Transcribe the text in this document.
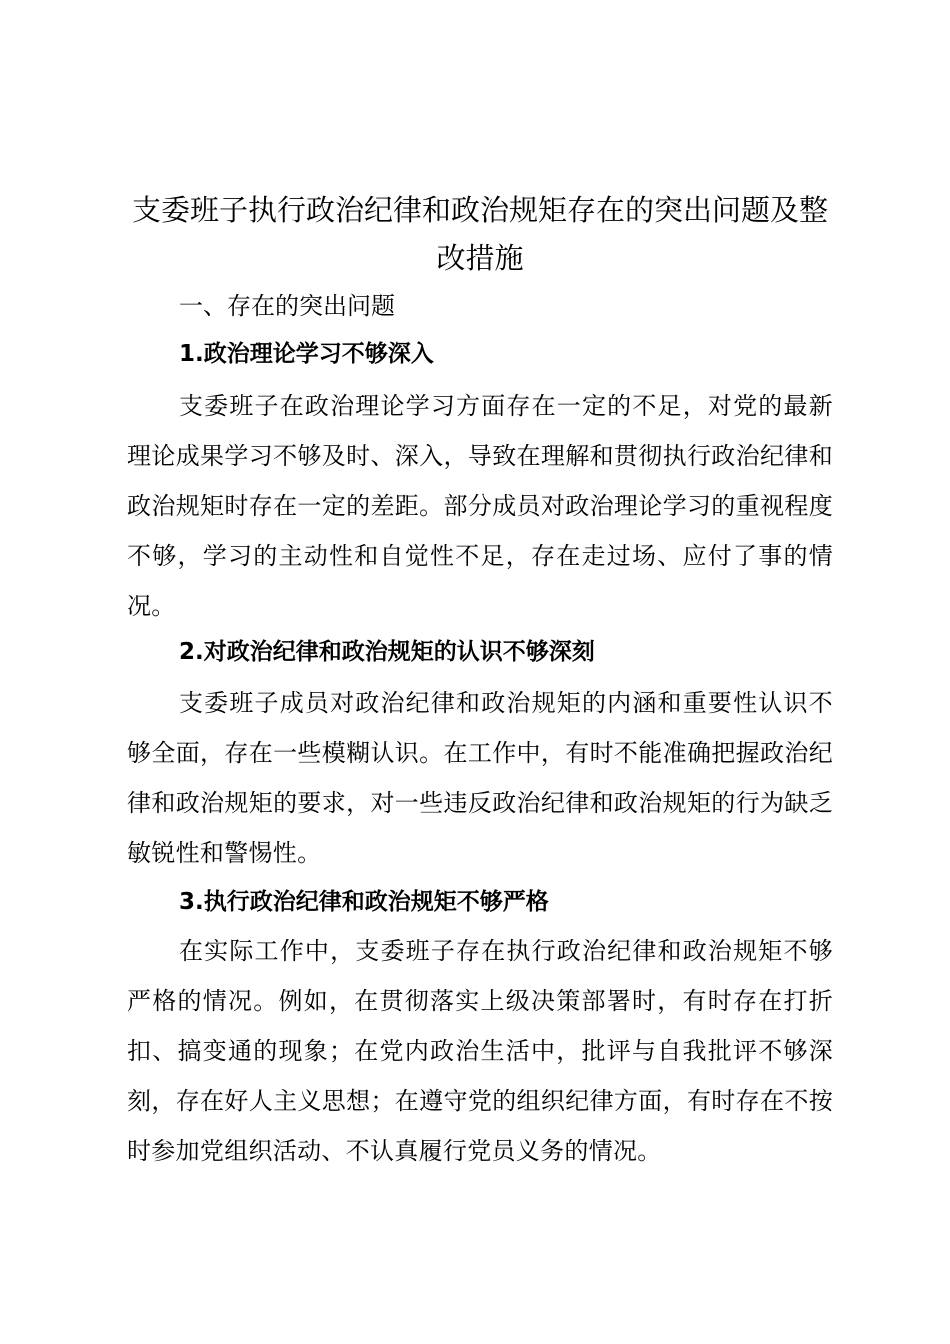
支委班子执行政治纪律和政治规矩存在的突出问题及整改措施

一、存在的突出问题

1.政治理论学习不够深入

支委班子在政治理论学习方面存在一定的不足，对党的最新理论成果学习不够及时、深入，导致在理解和贯彻执行政治纪律和政治规矩时存在一定的差距。部分成员对政治理论学习的重视程度不够，学习的主动性和自觉性不足，存在走过场、应付了事的情况。

2.对政治纪律和政治规矩的认识不够深刻

支委班子成员对政治纪律和政治规矩的内涵和重要性认识不够全面，存在一些模糊认识。在工作中，有时不能准确把握政治纪律和政治规矩的要求，对一些违反政治纪律和政治规矩的行为缺乏敏锐性和警惕性。

3.执行政治纪律和政治规矩不够严格

在实际工作中，支委班子存在执行政治纪律和政治规矩不够严格的情况。例如，在贯彻落实上级决策部署时，有时存在打折扣、搞变通的现象；在党内政治生活中，批评与自我批评不够深刻，存在好人主义思想；在遵守党的组织纪律方面，有时存在不按时参加党组织活动、不认真履行党员义务的情况。
